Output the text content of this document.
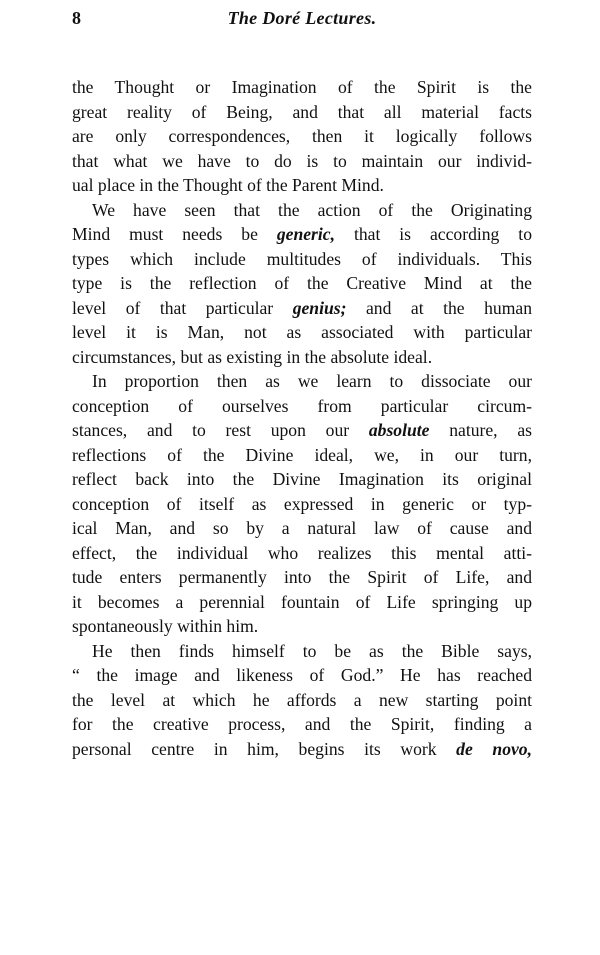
8	The Doré Lectures.
the Thought or Imagination of the Spirit is the
great reality of Being, and that all material facts
are only correspondences, then it logically follows
that what we have to do is to maintain our individ-
ual place in the Thought of the Parent Mind.
We have seen that the action of the Originating
Mind must needs be generic, that is according to
types which include multitudes of individuals. This
type is the reflection of the Creative Mind at the
level of that particular genius; and at the human
level it is Man, not as associated with particular
circumstances, but as existing in the absolute ideal.
In proportion then as we learn to dissociate our
conception of ourselves from particular circum-
stances, and to rest upon our absolute nature, as
reflections of the Divine ideal, we, in our turn,
reflect back into the Divine Imagination its original
conception of itself as expressed in generic or typ-
ical Man, and so by a natural law of cause and
effect, the individual who realizes this mental atti-
tude enters permanently into the Spirit of Life, and
it becomes a perennial fountain of Life springing up
spontaneously within him.
He then finds himself to be as the Bible says,
“ the image and likeness of God.” He has reached
the level at which he affords a new starting point
for the creative process, and the Spirit, finding a
personal centre in him, begins its work de novo,
